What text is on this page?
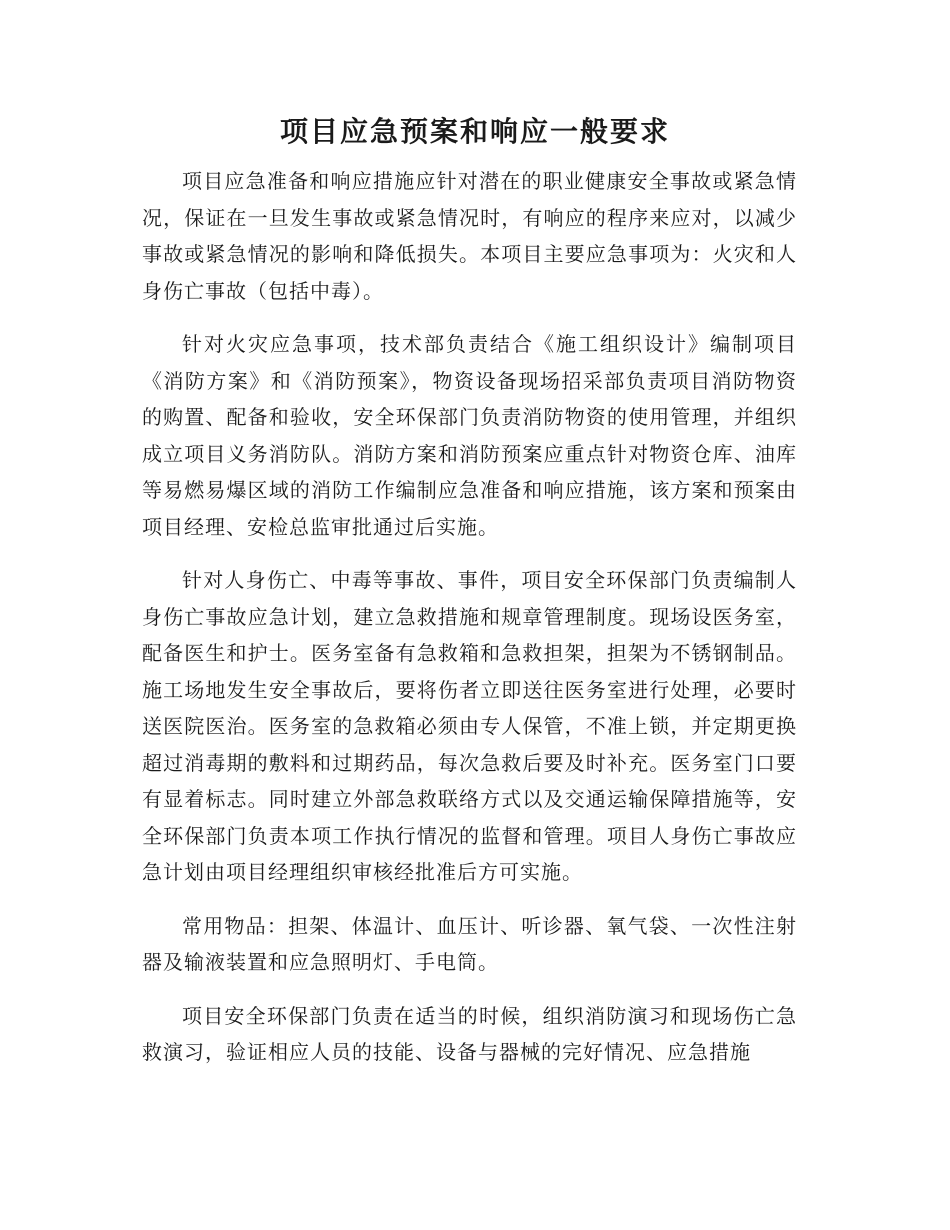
项目应急预案和响应一般要求

项目应急准备和响应措施应针对潜在的职业健康安全事故或紧急情况，保证在一旦发生事故或紧急情况时，有响应的程序来应对，以减少事故或紧急情况的影响和降低损失。本项目主要应急事项为：火灾和人身伤亡事故（包括中毒）。

针对火灾应急事项，技术部负责结合《施工组织设计》编制项目《消防方案》和《消防预案》，物资设备现场招采部负责项目消防物资的购置、配备和验收，安全环保部门负责消防物资的使用管理，并组织成立项目义务消防队。消防方案和消防预案应重点针对物资仓库、油库等易燃易爆区域的消防工作编制应急准备和响应措施，该方案和预案由项目经理、安检总监审批通过后实施。

针对人身伤亡、中毒等事故、事件，项目安全环保部门负责编制人身伤亡事故应急计划，建立急救措施和规章管理制度。现场设医务室，配备医生和护士。医务室备有急救箱和急救担架，担架为不锈钢制品。施工场地发生安全事故后，要将伤者立即送往医务室进行处理，必要时送医院医治。医务室的急救箱必须由专人保管，不准上锁，并定期更换超过消毒期的敷料和过期药品，每次急救后要及时补充。医务室门口要有显着标志。同时建立外部急救联络方式以及交通运输保障措施等，安全环保部门负责本项工作执行情况的监督和管理。项目人身伤亡事故应急计划由项目经理组织审核经批准后方可实施。

常用物品：担架、体温计、血压计、听诊器、氧气袋、一次性注射器及输液装置和应急照明灯、手电筒。

项目安全环保部门负责在适当的时候，组织消防演习和现场伤亡急救演习，验证相应人员的技能、设备与器械的完好情况、应急措施
